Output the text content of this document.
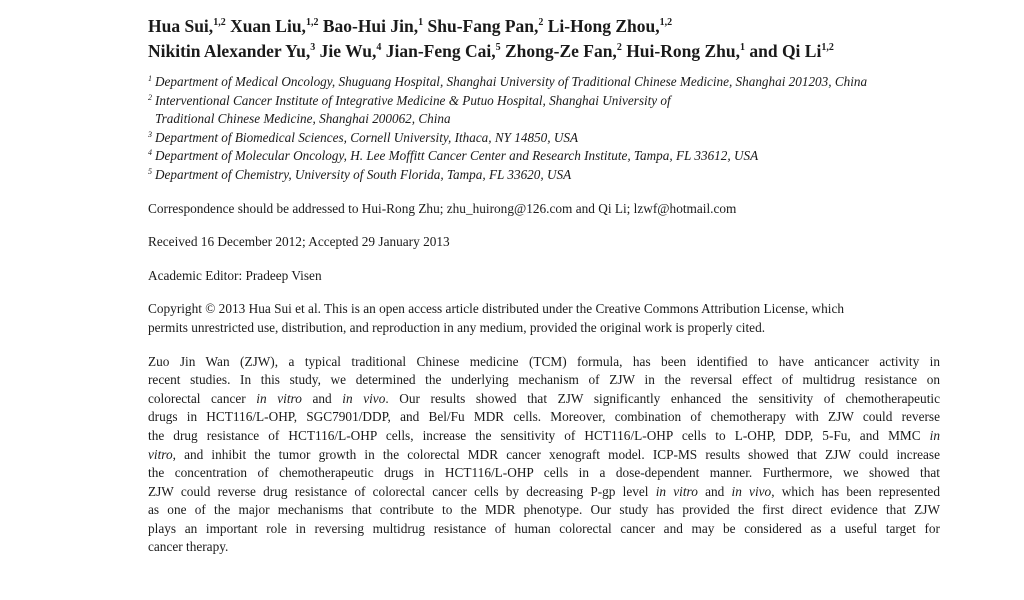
Hua Sui,$^{1,2}$ Xuan Liu,$^{1,2}$ Bao-Hui Jin,$^1$ Shu-Fang Pan,$^2$ Li-Hong Zhou,$^{1,2}$
Nikitin Alexander Yu,$^3$ Jie Wu,$^4$ Jian-Feng Cai,$^5$ Zhong-Ze Fan,$^2$ Hui-Rong Zhu,$^1$ and Qi Li$^{1,2}$
$^1$ Department of Medical Oncology, Shuguang Hospital, Shanghai University of Traditional Chinese Medicine, Shanghai 201203, China
$^2$ Interventional Cancer Institute of Integrative Medicine & Putuo Hospital, Shanghai University of
Traditional Chinese Medicine, Shanghai 200062, China
$^3$ Department of Biomedical Sciences, Cornell University, Ithaca, NY 14850, USA
$^4$ Department of Molecular Oncology, H. Lee Moffitt Cancer Center and Research Institute, Tampa, FL 33612, USA
$^5$ Department of Chemistry, University of South Florida, Tampa, FL 33620, USA
Correspondence should be addressed to Hui-Rong Zhu; zhu_huirong@126.com and Qi Li; lzwf@hotmail.com
Received 16 December 2012; Accepted 29 January 2013
Academic Editor: Pradeep Visen
Copyright © 2013 Hua Sui et al. This is an open access article distributed under the Creative Commons Attribution License, which
permits unrestricted use, distribution, and reproduction in any medium, provided the original work is properly cited.
Zuo Jin Wan (ZJW), a typical traditional Chinese medicine (TCM) formula, has been identified to have anticancer activity in
recent studies. In this study, we determined the underlying mechanism of ZJW in the reversal effect of multidrug resistance on
colorectal cancer in vitro and in vivo. Our results showed that ZJW significantly enhanced the sensitivity of chemotherapeutic
drugs in HCT116/L-OHP, SGC7901/DDP, and Bel/Fu MDR cells. Moreover, combination of chemotherapy with ZJW could reverse
the drug resistance of HCT116/L-OHP cells, increase the sensitivity of HCT116/L-OHP cells to L-OHP, DDP, 5-Fu, and MMC in
vitro, and inhibit the tumor growth in the colorectal MDR cancer xenograft model. ICP-MS results showed that ZJW could increase
the concentration of chemotherapeutic drugs in HCT116/L-OHP cells in a dose-dependent manner. Furthermore, we showed that
ZJW could reverse drug resistance of colorectal cancer cells by decreasing P-gp level in vitro and in vivo, which has been represented
as one of the major mechanisms that contribute to the MDR phenotype. Our study has provided the first direct evidence that ZJW
plays an important role in reversing multidrug resistance of human colorectal cancer and may be considered as a useful target for
cancer therapy.
